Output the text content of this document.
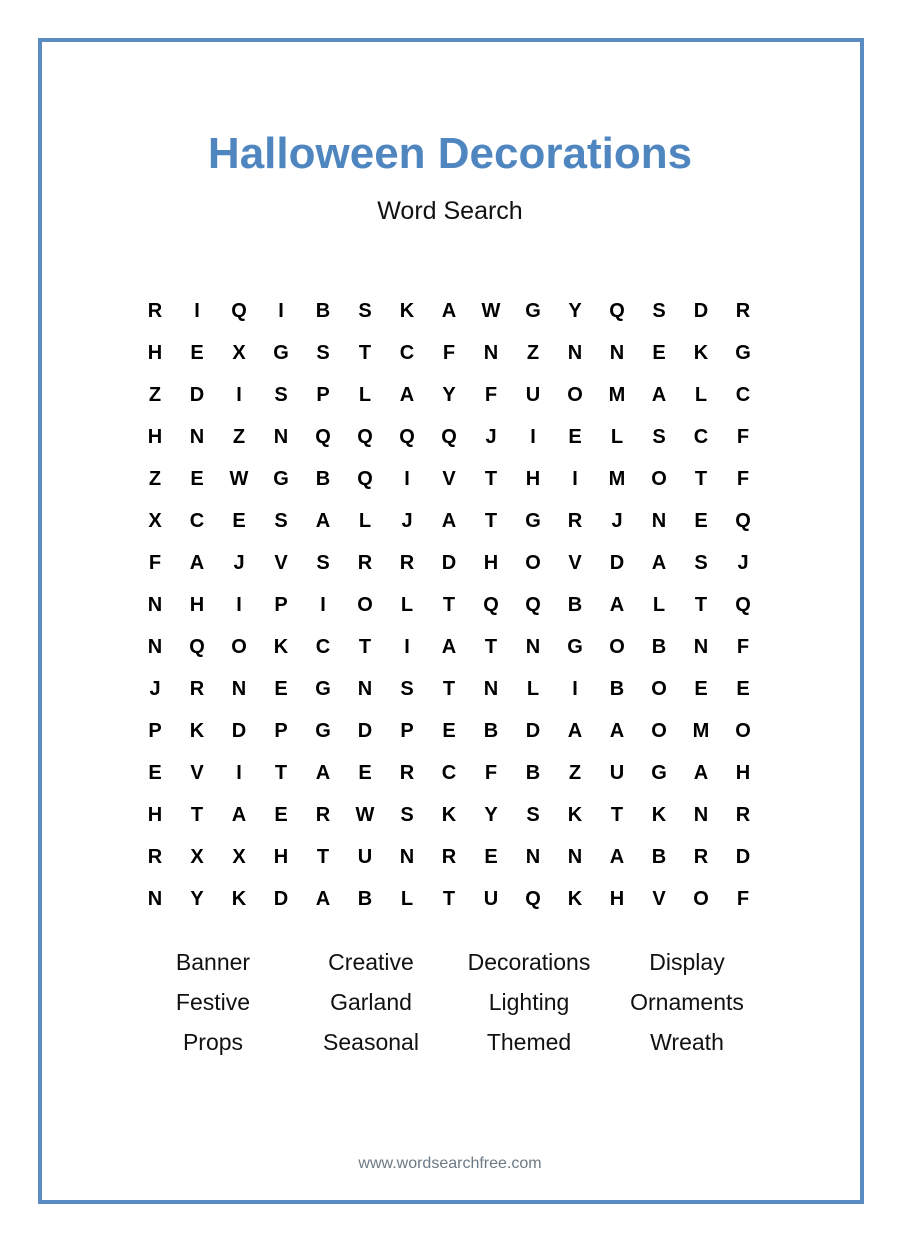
Halloween Decorations
Word Search
R	I	Q	I	B	S	K	A	W	G	Y	Q	S	D	R
H	E	X	G	S	T	C	F	N	Z	N	N	E	K	G
Z	D	I	S	P	L	A	Y	F	U	O	M	A	L	C
H	N	Z	N	Q	Q	Q	Q	J	I	E	L	S	C	F
Z	E	W	G	B	Q	I	V	T	H	I	M	O	T	F
X	C	E	S	A	L	J	A	T	G	R	J	N	E	Q
F	A	J	V	S	R	R	D	H	O	V	D	A	S	J
N	H	I	P	I	O	L	T	Q	Q	B	A	L	T	Q
N	Q	O	K	C	T	I	A	T	N	G	O	B	N	F
J	R	N	E	G	N	S	T	N	L	I	B	O	E	E
P	K	D	P	G	D	P	E	B	D	A	A	O	M	O
E	V	I	T	A	E	R	C	F	B	Z	U	G	A	H
H	T	A	E	R	W	S	K	Y	S	K	T	K	N	R
R	X	X	H	T	U	N	R	E	N	N	A	B	R	D
N	Y	K	D	A	B	L	T	U	Q	K	H	V	O	F
Banner	Creative	Decorations	Display
Festive	Garland	Lighting	Ornaments
Props	Seasonal	Themed	Wreath
www.wordsearchfree.com
